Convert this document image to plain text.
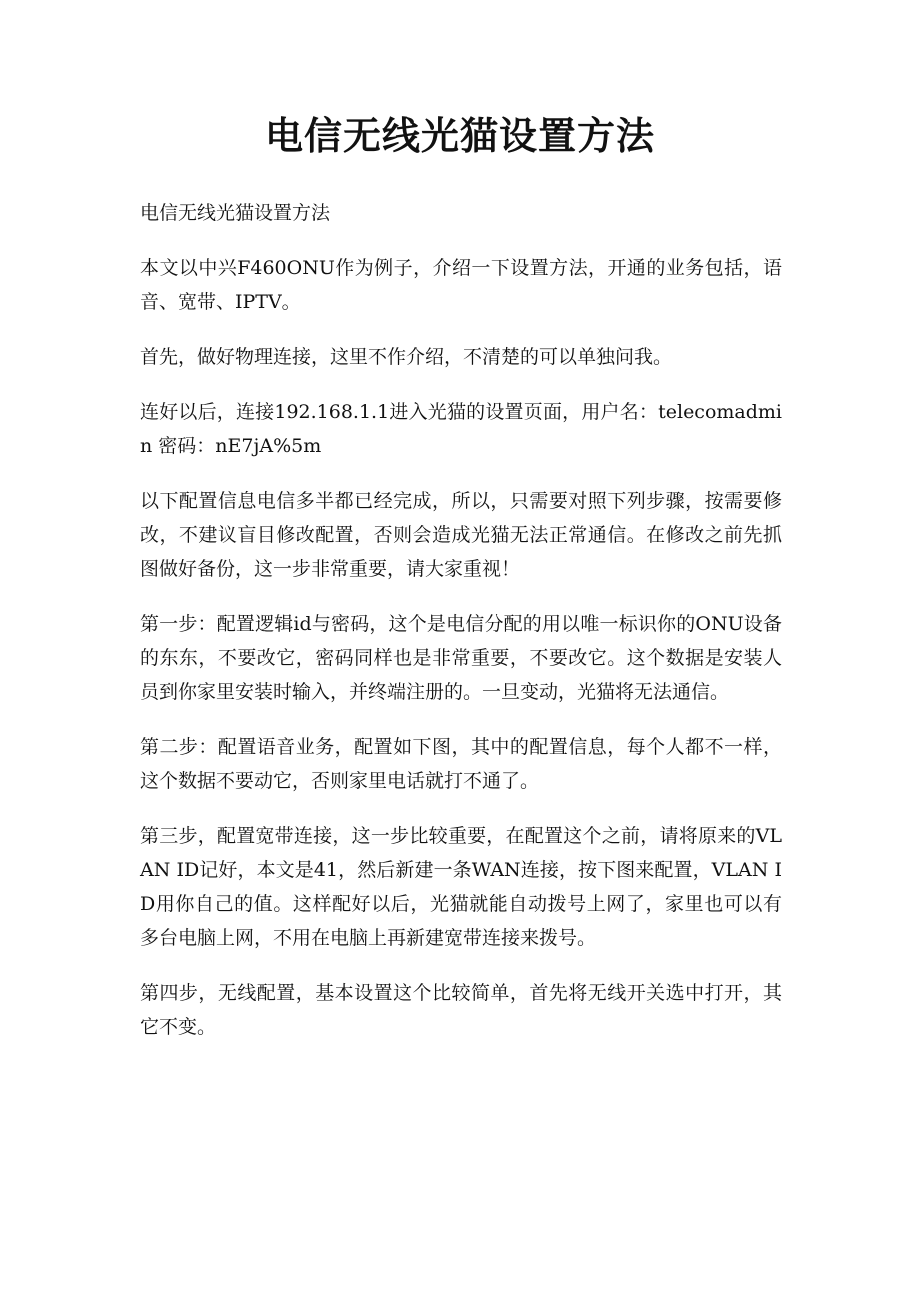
电信无线光猫设置方法

电信无线光猫设置方法

本文以中兴F460ONU作为例子，介绍一下设置方法，开通的业务包括，语音、宽带、IPTV。

首先，做好物理连接，这里不作介绍，不清楚的可以单独问我。

连好以后，连接192.168.1.1进入光猫的设置页面，用户名：telecomadmin 密码：nE7jA%5m

以下配置信息电信多半都已经完成，所以，只需要对照下列步骤，按需要修改，不建议盲目修改配置，否则会造成光猫无法正常通信。在修改之前先抓图做好备份，这一步非常重要，请大家重视！

第一步：配置逻辑id与密码，这个是电信分配的用以唯一标识你的ONU设备的东东，不要改它，密码同样也是非常重要，不要改它。这个数据是安装人员到你家里安装时输入，并终端注册的。一旦变动，光猫将无法通信。

第二步：配置语音业务，配置如下图，其中的配置信息，每个人都不一样，这个数据不要动它，否则家里电话就打不通了。

第三步，配置宽带连接，这一步比较重要，在配置这个之前，请将原来的VLAN ID记好，本文是41，然后新建一条WAN连接，按下图来配置，VLAN ID用你自己的值。这样配好以后，光猫就能自动拨号上网了，家里也可以有多台电脑上网，不用在电脑上再新建宽带连接来拨号。

第四步，无线配置，基本设置这个比较简单，首先将无线开关选中打开，其它不变。
